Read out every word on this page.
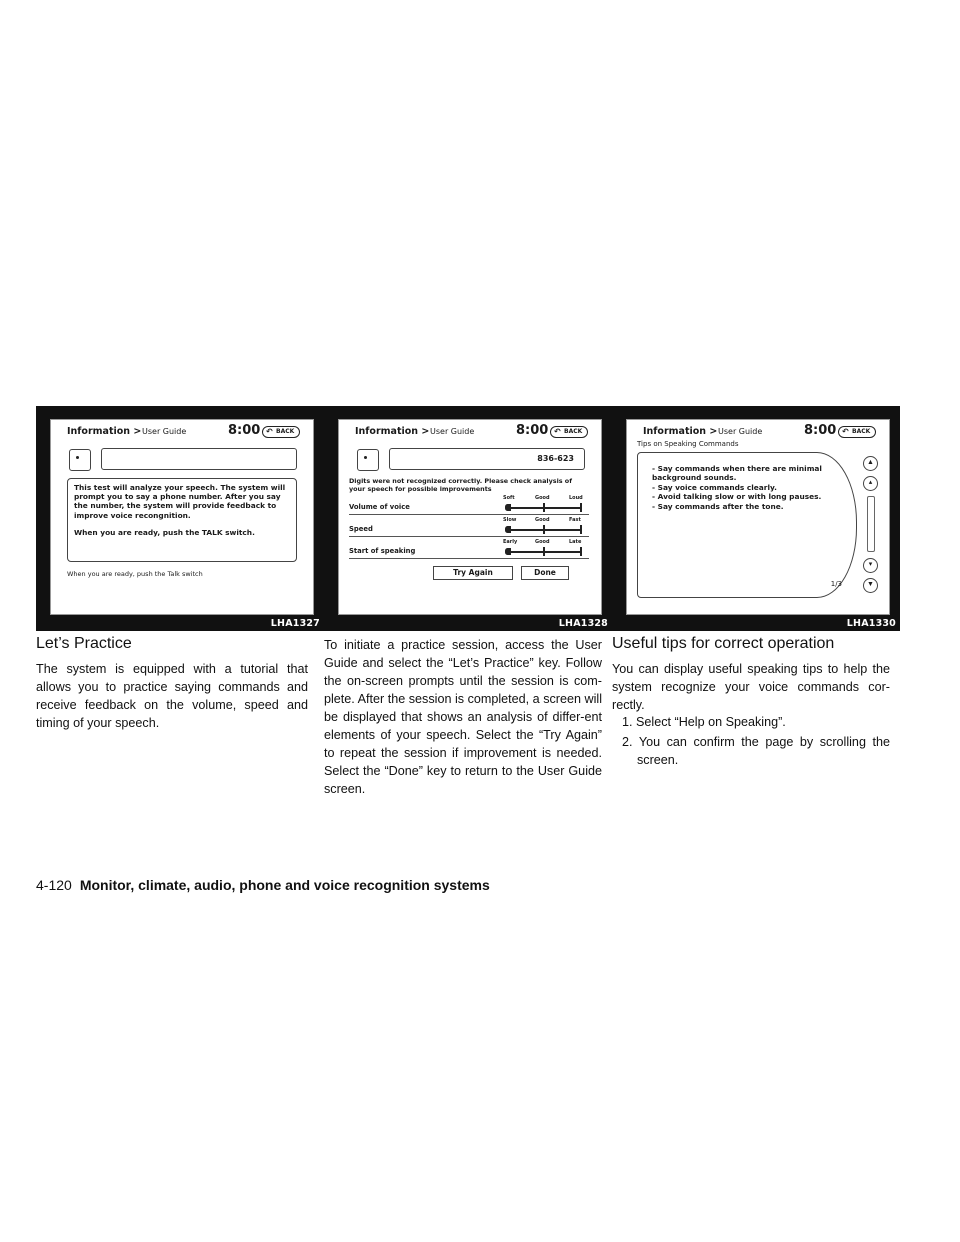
Information > User Guide	8:00 ↶ BACK

This test will analyze your speech. The system will prompt you to say a phone number. After you say the number, the system will provide feedback to improve voice recongnition.

When you are ready, push the TALK switch.

When you are ready, push the Talk switch
LHA1327
Information > User Guide	8:00 ↶ BACK
836-623
Digits were not recognized correctly. Please check analysis of your speech for possible improvements
Volume of voice
Soft	Good	Loud
Speed
Slow	Good	Fast
Start of speaking
Early	Good	Late
Try Again	Done
LHA1328
Information > User Guide	8:00 ↶ BACK
Tips on Speaking Commands
- Say commands when there are minimal background sounds.
- Say voice commands clearly.
- Avoid talking slow or with long pauses.
- Say commands after the tone.
1/3
▲
▴
▾
▼
LHA1330
Let’s Practice
The system is equipped with a tutorial that allows you to practice saying commands and receive feedback on the volume, speed and timing of your speech.
To initiate a practice session, access the User Guide and select the “Let’s Practice” key. Follow the on-screen prompts until the session is com-plete. After the session is completed, a screen will be displayed that shows an analysis of differ-ent elements of your speech. Select the “Try Again” to repeat the session if improvement is needed. Select the “Done” key to return to the User Guide screen.
Useful tips for correct operation
You can display useful speaking tips to help the system recognize your voice commands cor-rectly.
1. Select “Help on Speaking”.
2. You can confirm the page by scrolling the screen.
4-120 Monitor, climate, audio, phone and voice recognition systems
